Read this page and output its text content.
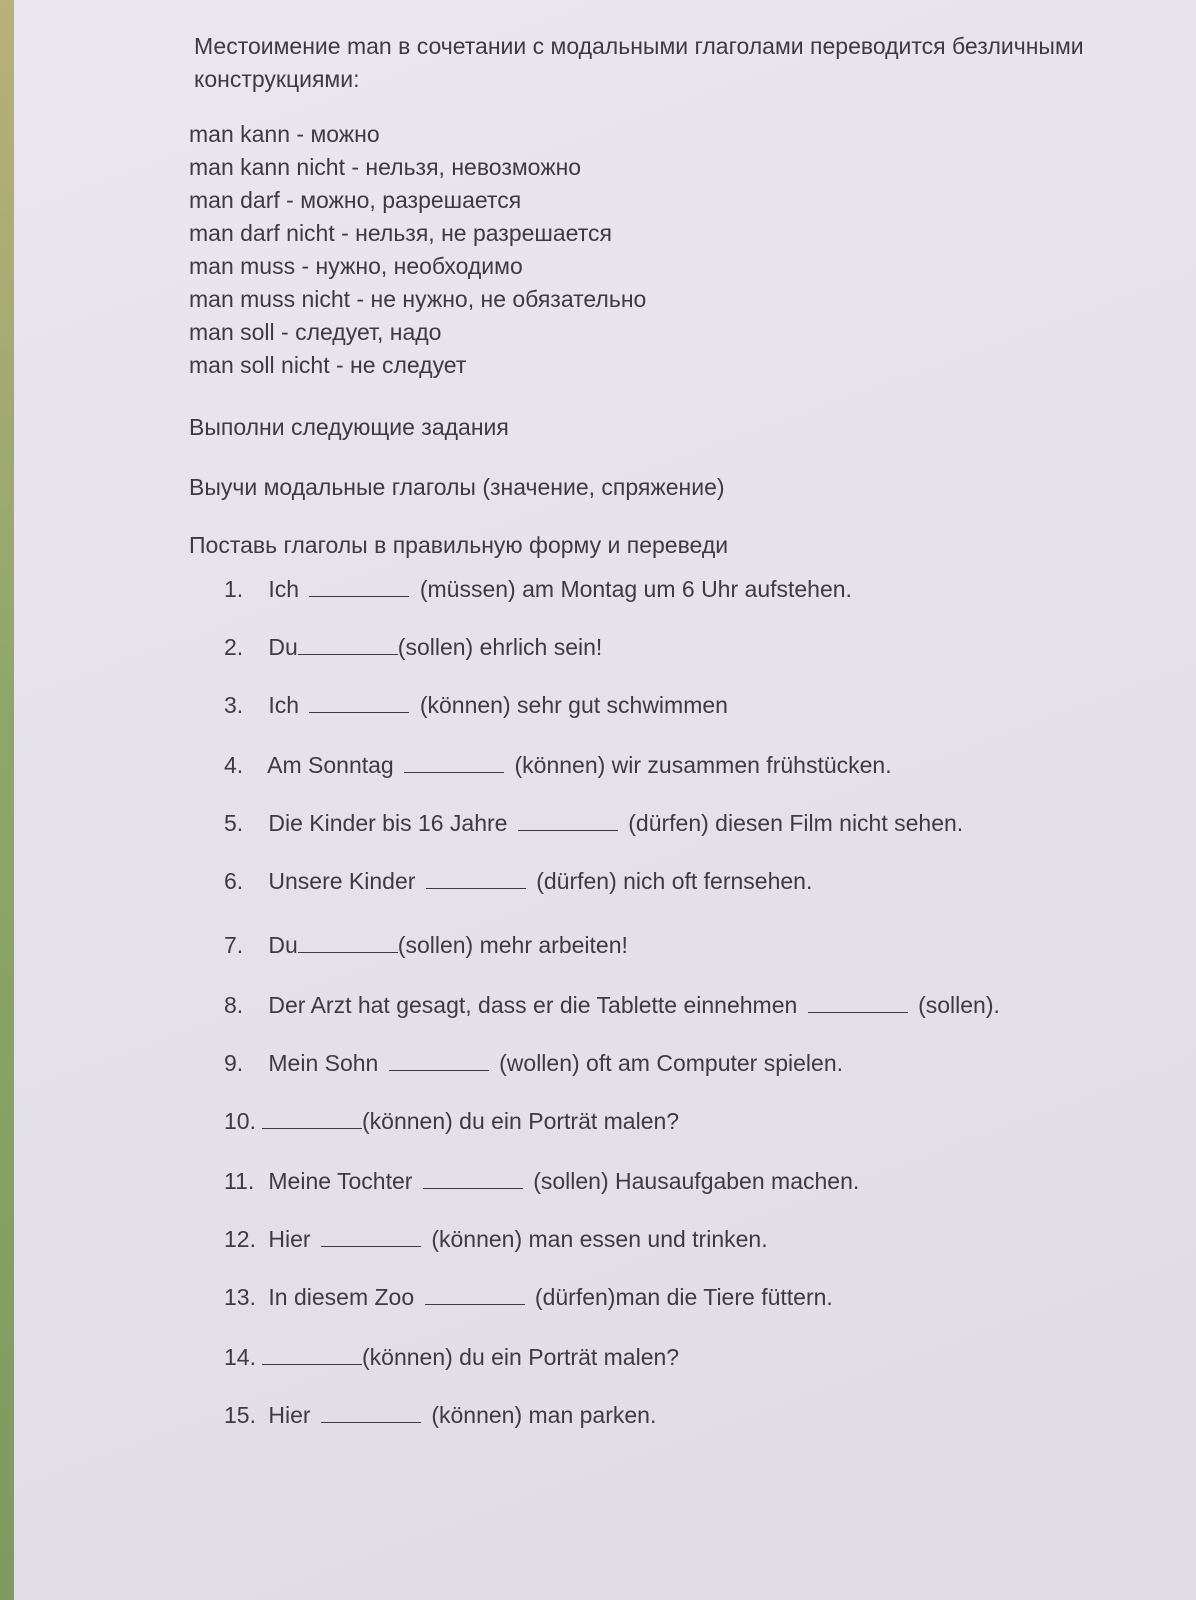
Местоимение man в сочетании с модальными глаголами переводится безличными конструкциями:
man kann - можно
man kann nicht - нельзя, невозможно
man darf - можно, разрешается
man darf nicht - нельзя, не разрешается
man muss - нужно, необходимо
man muss nicht - не нужно, не обязательно
man soll - следует, надо
man soll nicht - не следует
Выполни следующие задания
Выучи модальные глаголы (значение, спряжение)
Поставь глаголы в правильную форму и переведи
1. Ich	(müssen) am Montag um 6 Uhr aufstehen.
2. Du	(sollen) ehrlich sein!
3. Ich	(können) sehr gut schwimmen
4. Am Sonntag	(können) wir zusammen frühstücken.
5. Die Kinder bis 16 Jahre	(dürfen) diesen Film nicht sehen.
6. Unsere Kinder	(dürfen) nich oft fernsehen.
7. Du	(sollen) mehr arbeiten!
8. Der Arzt hat gesagt, dass er die Tablette einnehmen	(sollen).
9. Mein Sohn	(wollen) oft am Computer spielen.
10.	(können) du ein Porträt malen?
11. Meine Tochter	(sollen) Hausaufgaben machen.
12. Hier	(können) man essen und trinken.
13. In diesem Zoo	(dürfen)man die Tiere füttern.
14.	(können) du ein Porträt malen?
15. Hier	(können) man parken.
